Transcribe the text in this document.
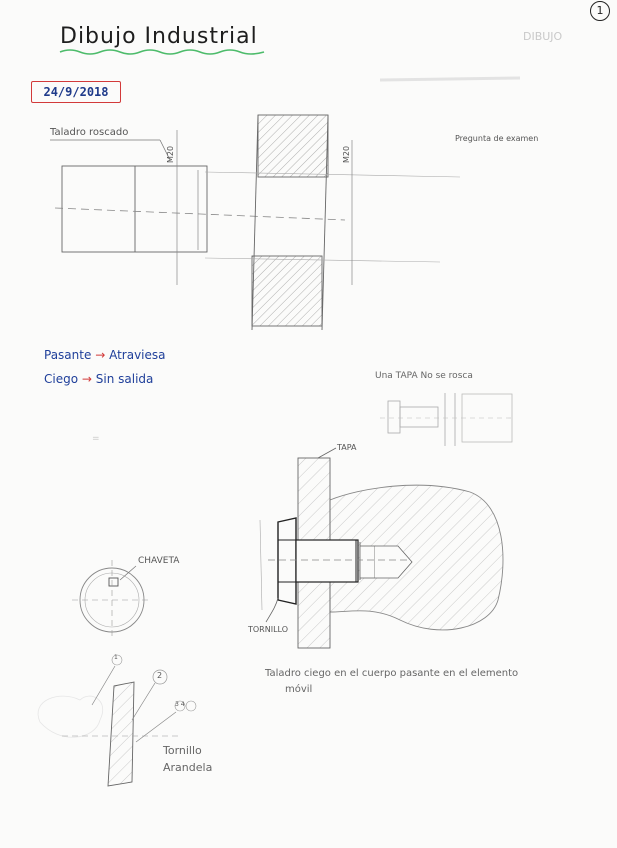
Dibujo Industrial
1
DIBUJO
24/9/2018
Taladro roscado
Pregunta de examen
M20	M20
Pasante → Atraviesa
Ciego → Sin salida	Una TAPA No se rosca
TAPA
TORNILLO
CHAVETA
Taladro ciego en el cuerpo pasante en el elemento
móvil
1
2
3 4
Tornillo
Arandela
=
